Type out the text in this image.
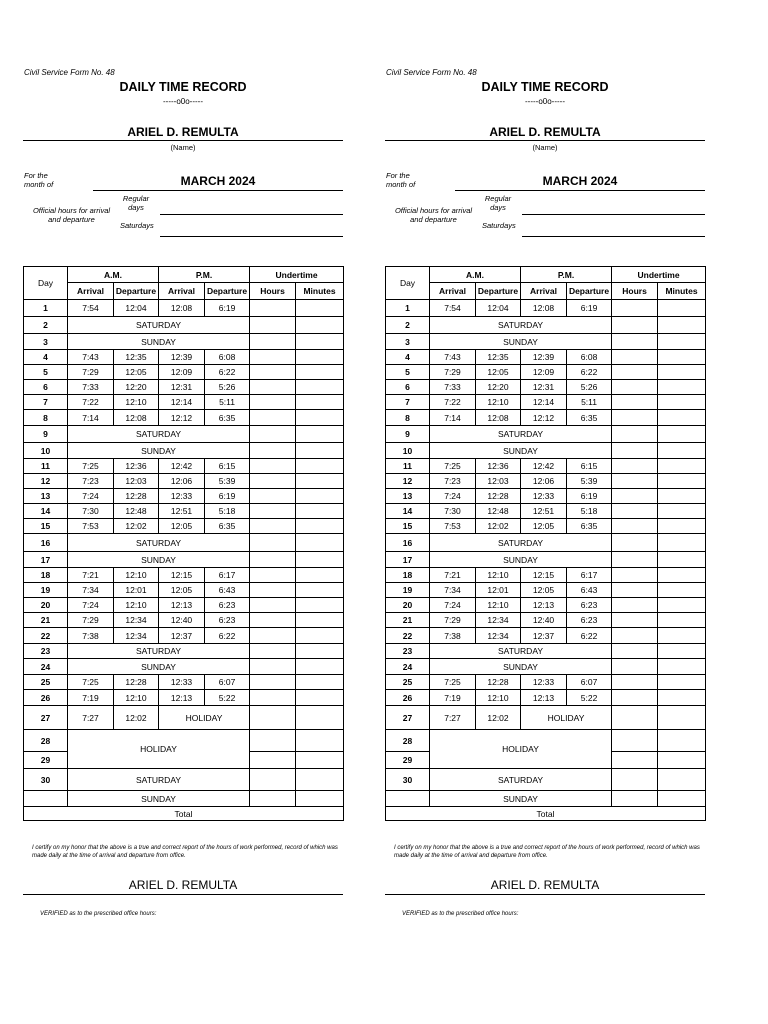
Civil Service Form No. 48
DAILY TIME RECORD
-----o0o-----
ARIEL D. REMULTA
(Name)
For the
month of	MARCH 2024
Regular
days
Official hours for arrival
and departure
Saturdays
Day	A.M.		P.M.		Undertime	
	Arrival	Departure	Arrival	Departure	Hours	Minutes
1	7:54	12:04	12:08	6:19		
2	SATURDAY					
3	SUNDAY					
4	7:43	12:35	12:39	6:08		
5	7:29	12:05	12:09	6:22		
6	7:33	12:20	12:31	5:26		
7	7:22	12:10	12:14	5:11		
8	7:14	12:08	12:12	6:35		
9	SATURDAY					
10	SUNDAY					
11	7:25	12:36	12:42	6:15		
12	7:23	12:03	12:06	5:39		
13	7:24	12:28	12:33	6:19		
14	7:30	12:48	12:51	5:18		
15	7:53	12:02	12:05	6:35		
16	SATURDAY					
17	SUNDAY					
18	7:21	12:10	12:15	6:17		
19	7:34	12:01	12:05	6:43		
20	7:24	12:10	12:13	6:23		
21	7:29	12:34	12:40	6:23		
22	7:38	12:34	12:37	6:22		
23	SATURDAY					
24	SUNDAY					
25	7:25	12:28	12:33	6:07		
26	7:19	12:10	12:13	5:22		
27	7:27	12:02	HOLIDAY			
28	HOLIDAY					
29						
30	SATURDAY					
	SUNDAY					
Total						
I certify on my honor that the above is a true and correct report of the hours of work performed, record of which was made daily at the time of arrival and departure from office.
ARIEL D. REMULTA
VERIFIED as to the prescribed office hours:
Civil Service Form No. 48
DAILY TIME RECORD
-----o0o-----
ARIEL D. REMULTA
(Name)
For the
month of	MARCH 2024
Regular
days
Official hours for arrival
and departure
Saturdays
Day	A.M.		P.M.		Undertime	
	Arrival	Departure	Arrival	Departure	Hours	Minutes
1	7:54	12:04	12:08	6:19		
2	SATURDAY					
3	SUNDAY					
4	7:43	12:35	12:39	6:08		
5	7:29	12:05	12:09	6:22		
6	7:33	12:20	12:31	5:26		
7	7:22	12:10	12:14	5:11		
8	7:14	12:08	12:12	6:35		
9	SATURDAY					
10	SUNDAY					
11	7:25	12:36	12:42	6:15		
12	7:23	12:03	12:06	5:39		
13	7:24	12:28	12:33	6:19		
14	7:30	12:48	12:51	5:18		
15	7:53	12:02	12:05	6:35		
16	SATURDAY					
17	SUNDAY					
18	7:21	12:10	12:15	6:17		
19	7:34	12:01	12:05	6:43		
20	7:24	12:10	12:13	6:23		
21	7:29	12:34	12:40	6:23		
22	7:38	12:34	12:37	6:22		
23	SATURDAY					
24	SUNDAY					
25	7:25	12:28	12:33	6:07		
26	7:19	12:10	12:13	5:22		
27	7:27	12:02	HOLIDAY			
28	HOLIDAY					
29						
30	SATURDAY					
	SUNDAY					
Total						
I certify on my honor that the above is a true and correct report of the hours of work performed, record of which was made daily at the time of arrival and departure from office.
ARIEL D. REMULTA
VERIFIED as to the prescribed office hours:
